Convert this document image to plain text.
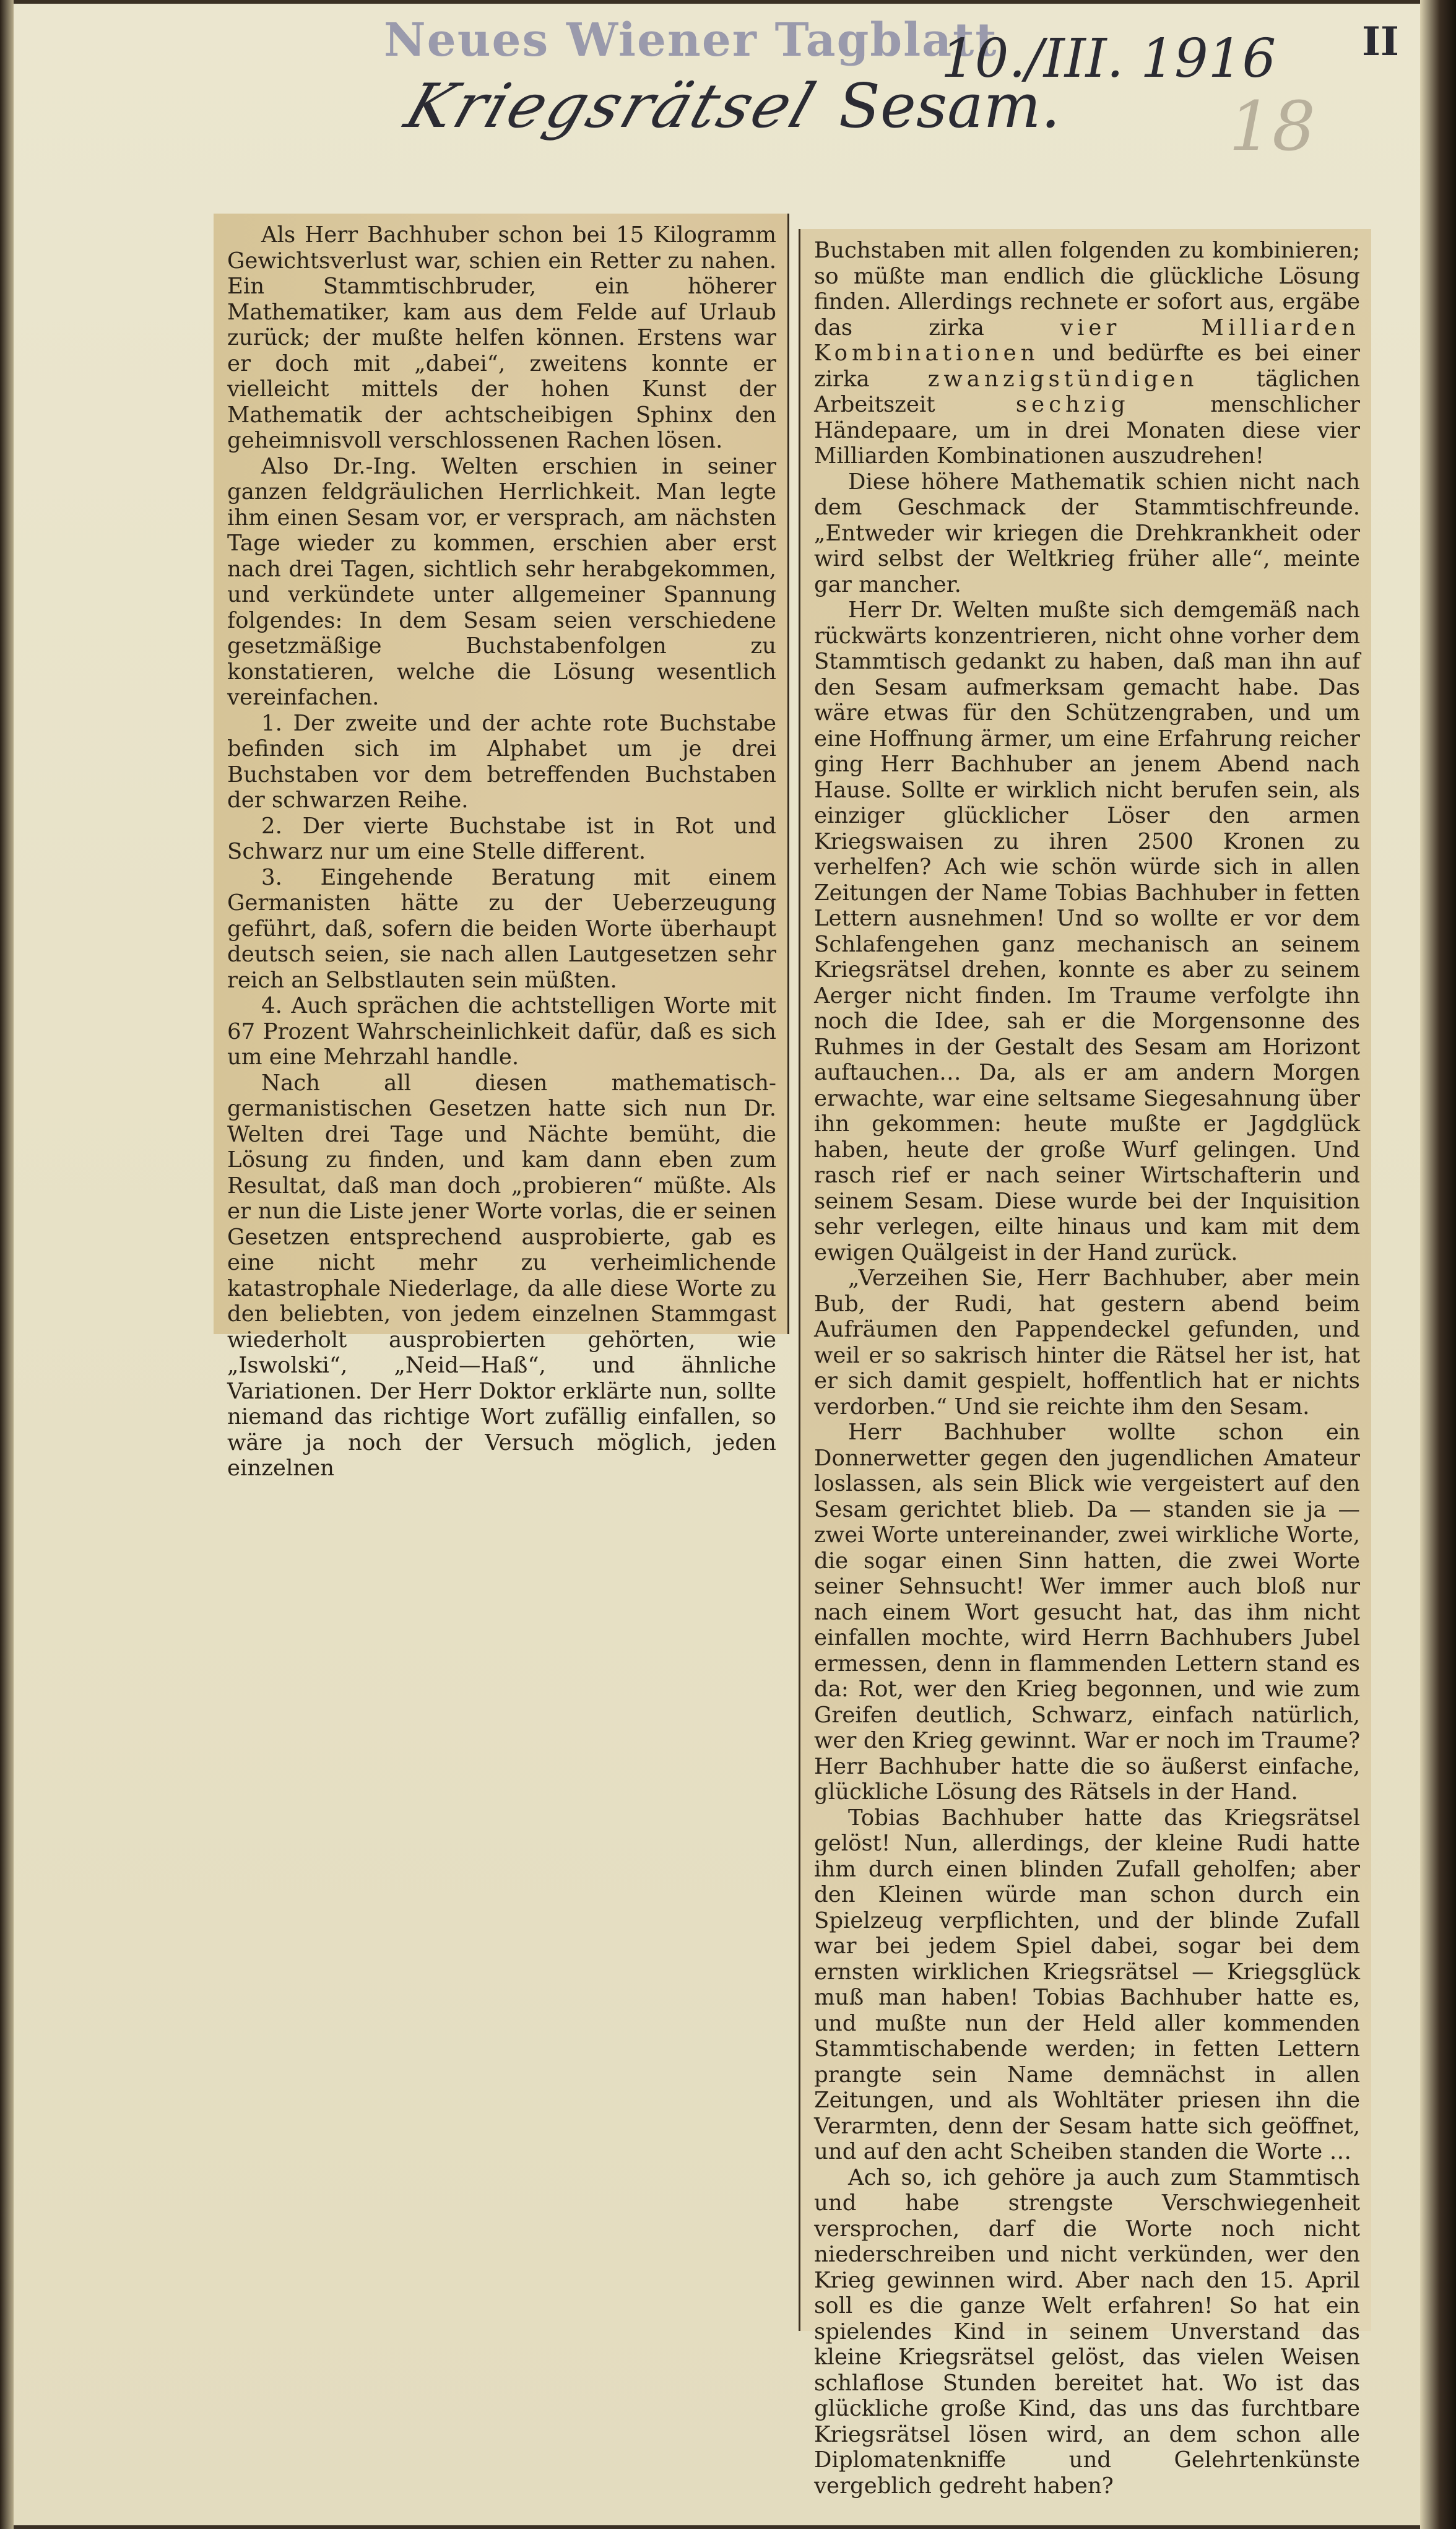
Neues Wiener Tagblatt
10./III. 1916
Kriegsrätsel Sesam.
II
18

Als Herr Bachhuber schon bei 15 Kilogramm Gewichtsverlust war, schien ein Retter zu nahen. Ein Stammtischbruder, ein höherer Mathematiker, kam aus dem Felde auf Urlaub zurück; der mußte helfen können. Erstens war er doch mit „dabei“, zweitens konnte er vielleicht mittels der hohen Kunst der Mathematik der achtscheibigen Sphinx den geheimnisvoll verschlossenen Rachen lösen.

Also Dr.-Ing. Welten erschien in seiner ganzen feldgräulichen Herrlichkeit. Man legte ihm einen Sesam vor, er versprach, am nächsten Tage wieder zu kommen, erschien aber erst nach drei Tagen, sichtlich sehr herabgekommen, und verkündete unter allgemeiner Spannung folgendes: In dem Sesam seien verschiedene gesetzmäßige Buchstabenfolgen zu konstatieren, welche die Lösung wesentlich vereinfachen.

1. Der zweite und der achte rote Buchstabe befinden sich im Alphabet um je drei Buchstaben vor dem betreffenden Buchstaben der schwarzen Reihe.

2. Der vierte Buchstabe ist in Rot und Schwarz nur um eine Stelle different.

3. Eingehende Beratung mit einem Germanisten hätte zu der Ueberzeugung geführt, daß, sofern die beiden Worte überhaupt deutsch seien, sie nach allen Lautgesetzen sehr reich an Selbstlauten sein müßten.

4. Auch sprächen die achtstelligen Worte mit 67 Prozent Wahrscheinlichkeit dafür, daß es sich um eine Mehrzahl handle.

Nach all diesen mathematisch-germanistischen Gesetzen hatte sich nun Dr. Welten drei Tage und Nächte bemüht, die Lösung zu finden, und kam dann eben zum Resultat, daß man doch „probieren“ müßte. Als er nun die Liste jener Worte vorlas, die er seinen Gesetzen entsprechend ausprobierte, gab es eine nicht mehr zu verheimlichende katastrophale Niederlage, da alle diese Worte zu den beliebten, von jedem einzelnen Stammgast wiederholt ausprobierten gehörten, wie „Iswolski“, „Neid—Haß“, und ähnliche Variationen. Der Herr Doktor erklärte nun, sollte niemand das richtige Wort zufällig einfallen, so wäre ja noch der Versuch möglich, jeden einzelnen

Buchstaben mit allen folgenden zu kombinieren; so müßte man endlich die glückliche Lösung finden. Allerdings rechnete er sofort aus, ergäbe das zirka	vier Milliarden Kombinationen und bedürfte es bei einer zirka	zwanzigstündigen	täglichen Arbeitszeit	sechzig	menschlicher Händepaare, um in drei Monaten diese vier Milliarden Kombinationen auszudrehen!

Diese höhere Mathematik schien nicht nach dem Geschmack der Stammtischfreunde. „Entweder wir kriegen die Drehkrankheit oder wird selbst der Weltkrieg früher alle“, meinte gar mancher.

Herr Dr. Welten mußte sich demgemäß nach rückwärts konzentrieren, nicht ohne vorher dem Stammtisch gedankt zu haben, daß man ihn auf den Sesam aufmerksam gemacht habe. Das wäre etwas für den Schützengraben, und um eine Hoffnung ärmer, um eine Erfahrung reicher ging Herr Bachhuber an jenem Abend nach Hause. Sollte er wirklich nicht berufen sein, als einziger glücklicher Löser den armen Kriegswaisen zu ihren 2500 Kronen zu verhelfen? Ach wie schön würde sich in allen Zeitungen der Name Tobias Bachhuber in fetten Lettern ausnehmen! Und so wollte er vor dem Schlafengehen ganz mechanisch an seinem Kriegsrätsel drehen, konnte es aber zu seinem Aerger nicht finden. Im Traume verfolgte ihn noch die Idee, sah er die Morgensonne des Ruhmes in der Gestalt des Sesam am Horizont auftauchen… Da, als er am andern Morgen erwachte, war eine seltsame Siegesahnung über ihn gekommen: heute mußte er Jagdglück haben, heute der große Wurf gelingen. Und rasch rief er nach seiner Wirtschafterin und seinem Sesam. Diese wurde bei der Inquisition sehr verlegen, eilte hinaus und kam mit dem ewigen Quälgeist in der Hand zurück.

„Verzeihen Sie, Herr Bachhuber, aber mein Bub, der Rudi, hat gestern abend beim Aufräumen den Pappendeckel gefunden, und weil er so sakrisch hinter die Rätsel her ist, hat er sich damit gespielt, hoffentlich hat er nichts verdorben.“ Und sie reichte ihm den Sesam.

Herr Bachhuber wollte schon ein Donnerwetter gegen den jugendlichen Amateur loslassen, als sein Blick wie vergeistert auf den Sesam gerichtet blieb. Da — standen sie ja — zwei Worte untereinander, zwei wirkliche Worte, die sogar einen Sinn hatten, die zwei Worte seiner Sehnsucht! Wer immer auch bloß nur nach einem Wort gesucht hat, das ihm nicht einfallen mochte, wird Herrn Bachhubers Jubel ermessen, denn in flammenden Lettern stand es da: Rot, wer den Krieg begonnen, und wie zum Greifen deutlich, Schwarz, einfach natürlich, wer den Krieg gewinnt. War er noch im Traume? Herr Bachhuber hatte die so äußerst einfache, glückliche Lösung des Rätsels in der Hand.

Tobias Bachhuber hatte das Kriegsrätsel gelöst! Nun, allerdings, der kleine Rudi hatte ihm durch einen blinden Zufall geholfen; aber den Kleinen würde man schon durch ein Spielzeug verpflichten, und der blinde Zufall war bei jedem Spiel dabei, sogar bei dem ernsten wirklichen Kriegsrätsel — Kriegsglück muß man haben! Tobias Bachhuber hatte es, und mußte nun der Held aller kommenden Stammtischabende werden; in fetten Lettern prangte sein Name demnächst in allen Zeitungen, und als Wohltäter priesen ihn die Verarmten, denn der Sesam hatte sich geöffnet, und auf den acht Scheiben standen die Worte …

Ach so, ich gehöre ja auch zum Stammtisch und habe strengste Verschwiegenheit versprochen, darf die Worte noch nicht niederschreiben und nicht verkünden, wer den Krieg gewinnen wird. Aber nach den 15. April soll es die ganze Welt erfahren! So hat ein spielendes Kind in seinem Unverstand das kleine Kriegsrätsel gelöst, das vielen Weisen schlaflose Stunden bereitet hat. Wo ist das glückliche große Kind, das uns das furchtbare Kriegsrätsel lösen wird, an dem schon alle Diplomatenkniffe und Gelehrtenkünste vergeblich gedreht haben?
